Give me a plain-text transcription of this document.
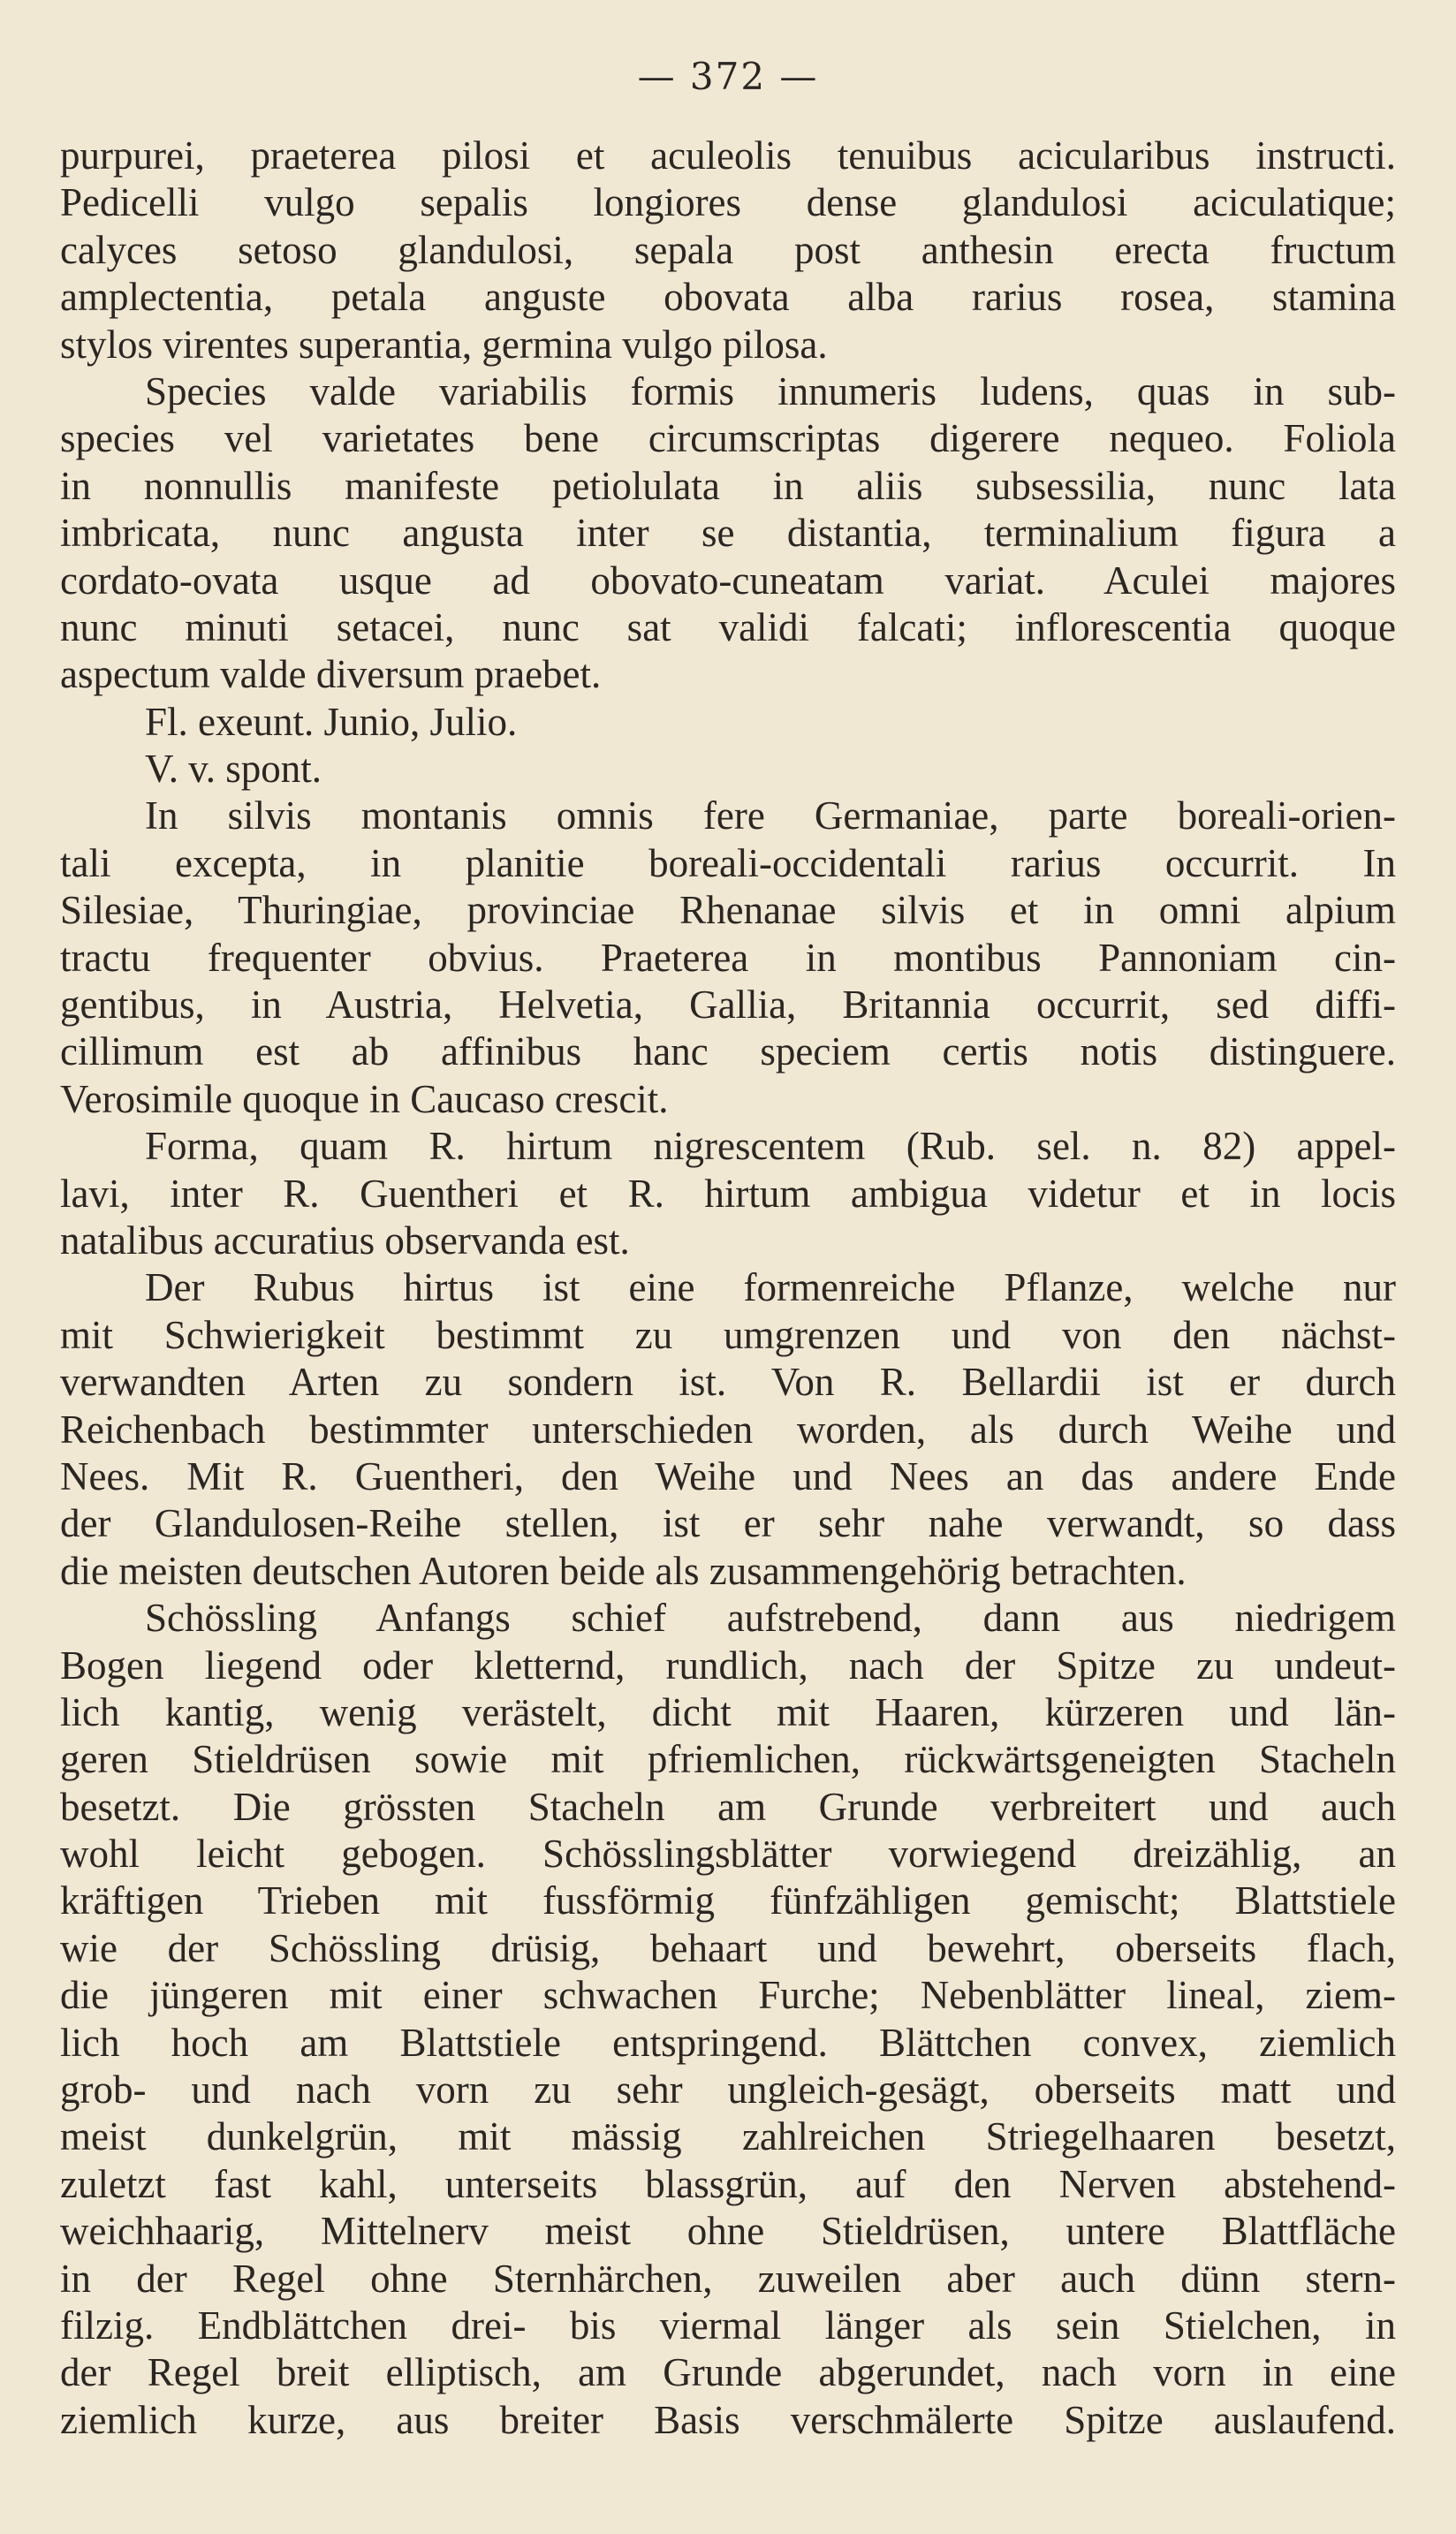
— 372 —
purpurei, praeterea pilosi et aculeolis tenuibus acicularibus instructi.
Pedicelli vulgo sepalis longiores dense glandulosi aciculatique;
calyces setoso glandulosi, sepala post anthesin erecta fructum
amplectentia, petala anguste obovata alba rarius rosea, stamina
stylos virentes superantia, germina vulgo pilosa.
Species valde variabilis formis innumeris ludens, quas in sub-
species vel varietates bene circumscriptas digerere nequeo. Foliola
in nonnullis manifeste petiolulata in aliis subsessilia, nunc lata
imbricata, nunc angusta inter se distantia, terminalium figura a
cordato-ovata usque ad obovato-cuneatam variat. Aculei majores
nunc minuti setacei, nunc sat validi falcati; inflorescentia quoque
aspectum valde diversum praebet.
Fl. exeunt. Junio, Julio.
V. v. spont.
In silvis montanis omnis fere Germaniae, parte boreali-orien-
tali excepta, in planitie boreali-occidentali rarius occurrit. In
Silesiae, Thuringiae, provinciae Rhenanae silvis et in omni alpium
tractu frequenter obvius. Praeterea in montibus Pannoniam cin-
gentibus, in Austria, Helvetia, Gallia, Britannia occurrit, sed diffi-
cillimum est ab affinibus hanc speciem certis notis distinguere.
Verosimile quoque in Caucaso crescit.
Forma, quam R. hirtum nigrescentem (Rub. sel. n. 82) appel-
lavi, inter R. Guentheri et R. hirtum ambigua videtur et in locis
natalibus accuratius observanda est.
Der Rubus hirtus ist eine formenreiche Pflanze, welche nur
mit Schwierigkeit bestimmt zu umgrenzen und von den nächst-
verwandten Arten zu sondern ist. Von R. Bellardii ist er durch
Reichenbach bestimmter unterschieden worden, als durch Weihe und
Nees. Mit R. Guentheri, den Weihe und Nees an das andere Ende
der Glandulosen-Reihe stellen, ist er sehr nahe verwandt, so dass
die meisten deutschen Autoren beide als zusammengehörig betrachten.
Schössling Anfangs schief aufstrebend, dann aus niedrigem
Bogen liegend oder kletternd, rundlich, nach der Spitze zu undeut-
lich kantig, wenig verästelt, dicht mit Haaren, kürzeren und län-
geren Stieldrüsen sowie mit pfriemlichen, rückwärtsgeneigten Stacheln
besetzt. Die grössten Stacheln am Grunde verbreitert und auch
wohl leicht gebogen. Schösslingsblätter vorwiegend dreizählig, an
kräftigen Trieben mit fussförmig fünfzähligen gemischt; Blattstiele
wie der Schössling drüsig, behaart und bewehrt, oberseits flach,
die jüngeren mit einer schwachen Furche; Nebenblätter lineal, ziem-
lich hoch am Blattstiele entspringend. Blättchen convex, ziemlich
grob- und nach vorn zu sehr ungleich-gesägt, oberseits matt und
meist dunkelgrün, mit mässig zahlreichen Striegelhaaren besetzt,
zuletzt fast kahl, unterseits blassgrün, auf den Nerven abstehend-
weichhaarig, Mittelnerv meist ohne Stieldrüsen, untere Blattfläche
in der Regel ohne Sternhärchen, zuweilen aber auch dünn stern-
filzig. Endblättchen drei- bis viermal länger als sein Stielchen, in
der Regel breit elliptisch, am Grunde abgerundet, nach vorn in eine
ziemlich kurze, aus breiter Basis verschmälerte Spitze auslaufend.
